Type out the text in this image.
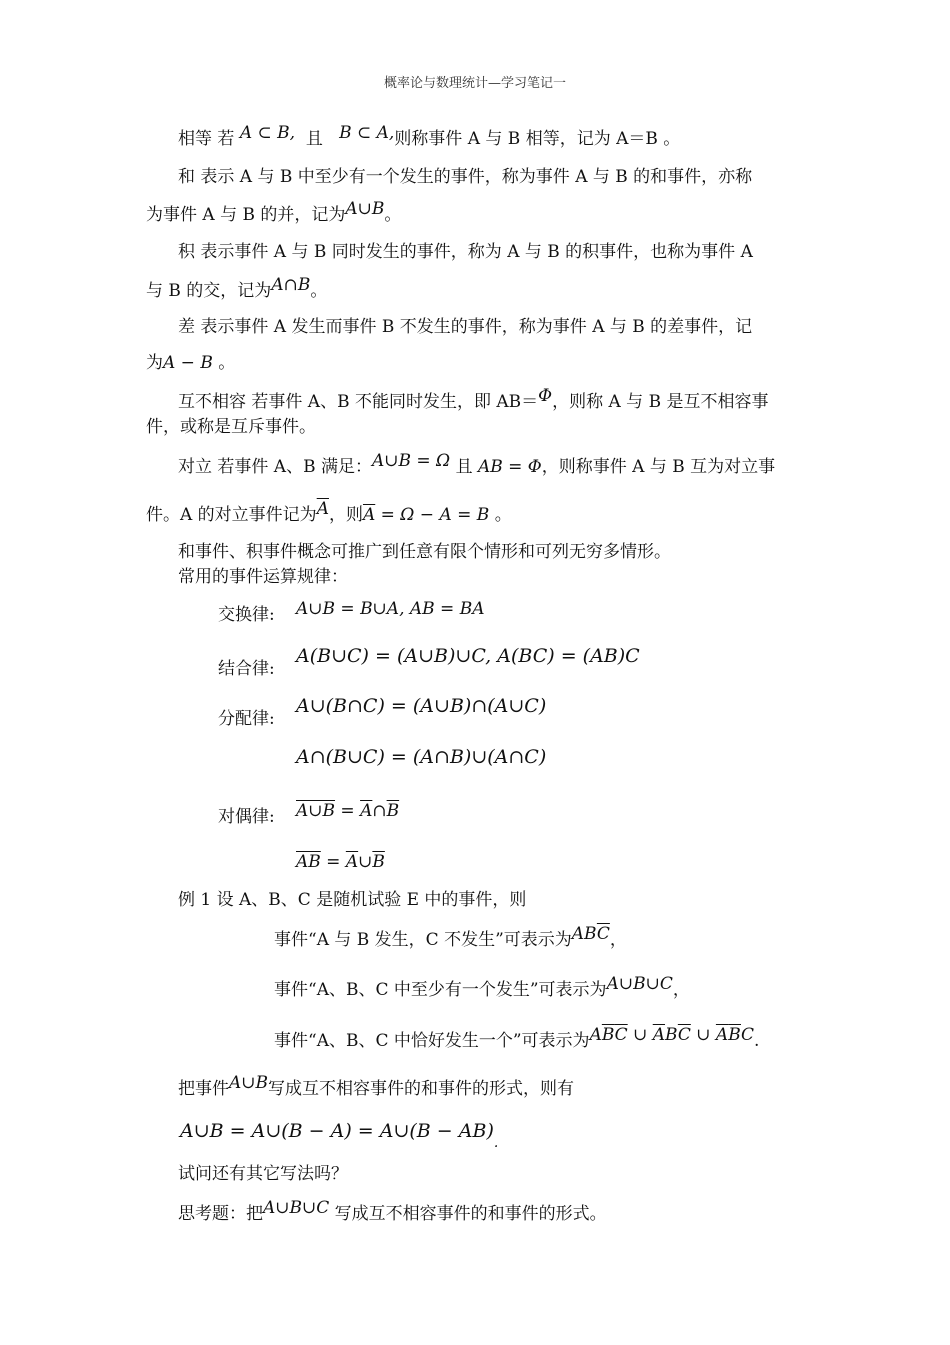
概率论与数理统计—学习笔记一
相等 若 A ⊂ B, 且 B ⊂ A,则称事件 A 与 B 相等，记为 A＝B 。
和 表示 A 与 B 中至少有一个发生的事件，称为事件 A 与 B 的和事件，亦称
为事件 A 与 B 的并，记为A∪B。
积 表示事件 A 与 B 同时发生的事件，称为 A 与 B 的积事件，也称为事件 A
与 B 的交，记为A∩B。
差 表示事件 A 发生而事件 B 不发生的事件，称为事件 A 与 B 的差事件，记
为A − B 。
互不相容 若事件 A、B 不能同时发生，即 AB＝Φ，则称 A 与 B 是互不相容事
件，或称是互斥事件。
对立 若事件 A、B 满足：A∪B = Ω 且 AB = Φ，则称事件 A 与 B 互为对立事
件。A 的对立事件记为$\overline{A}$，则$\overline{A} = \Omega - A = B$ 。
和事件、积事件概念可推广到任意有限个情形和可列无穷多情形。
常用的事件运算规律：
交换律: A∪B = B∪A, AB = BA
结合律:
A(B∪C) = (A∪B)∪C, A(BC) = (AB)C
分配律:
A∪(B∩C) = (A∪B)∩(A∪C)
A∩(B∪C) = (A∩B)∪(A∩C)
对偶律: A∪B = $\overline{A}\cap\overline{B}$
$\overline{AB}$ = $\overline{A}\cup\overline{B}$
例 1 设 A、B、C 是随机试验 E 中的事件，则
事件“A 与 B 发生，C 不发生”可表示为$AB\overline{C}$，
事件“A、B、C 中至少有一个发生”可表示为A∪B∪C，
事件“A、B、C 中恰好发生一个”可表示为$A\overline{B}\overline{C}$ ∪ $\overline{A}B\overline{C}$ ∪ $\overline{A}\overline{B}C$.
把事件A∪B写成互不相容事件的和事件的形式，则有
A∪B = A∪(B − A) = A∪(B − $AB)_.$
试问还有其它写法吗？
思考题：把A∪B∪C 写成互不相容事件的和事件的形式。
